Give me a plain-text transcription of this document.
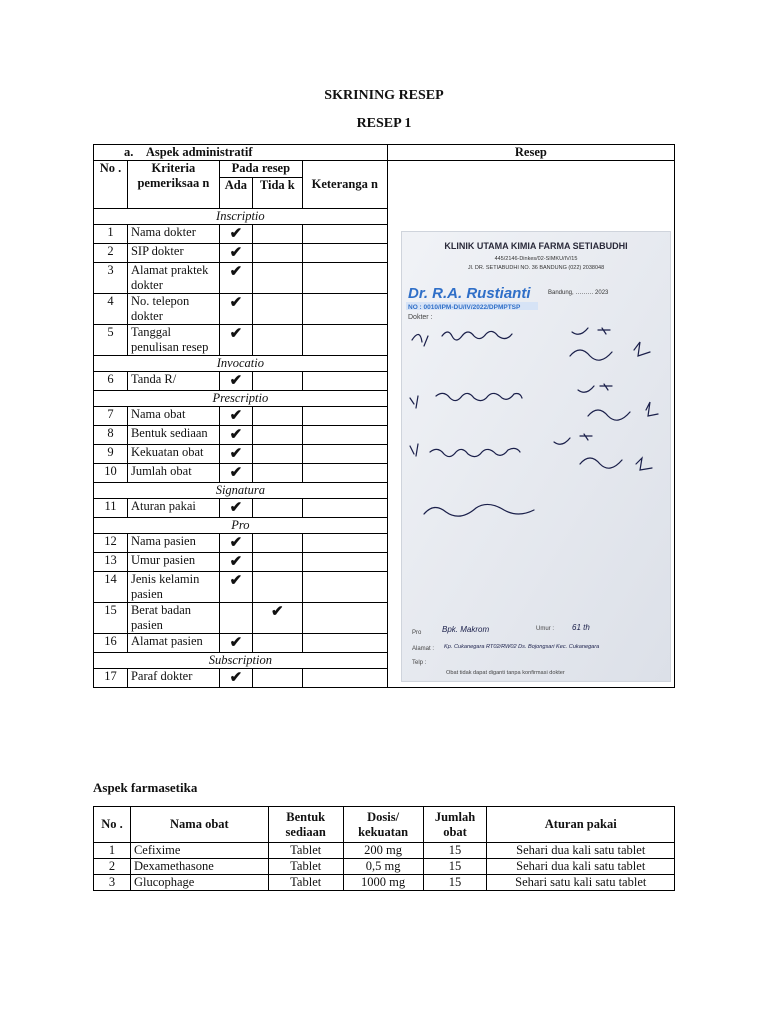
SKRINING RESEP
RESEP 1
a.    Aspek administratif					Resep
No .	Kriteria pemeriksaa n	Pada resep		Keteranga n	
		Ada	Tida k		
Inscriptio					
1	Nama dokter	✔			
2	SIP dokter	✔			
3	Alamat praktek dokter	✔			
4	No. telepon dokter	✔			
5	Tanggal penulisan resep	✔			
Invocatio					
6	Tanda R/	✔			
Prescriptio					
7	Nama obat	✔			
8	Bentuk sediaan	✔			
9	Kekuatan obat	✔			
10	Jumlah obat	✔			
Signatura					
11	Aturan pakai	✔			
Pro					
12	Nama pasien	✔			
13	Umur pasien	✔			
14	Jenis kelamin pasien	✔			
15	Berat badan pasien		✔		
16	Alamat pasien	✔			
Subscription					
17	Paraf dokter	✔			
KLINIK UTAMA KIMIA FARMA SETIABUDHI
445/2146-Dinkes/02-SIMKU/IV/15
Jl. DR. SETIABUDHI NO. 36 BANDUNG (022) 2038048
Dr. R.A. Rustianti	Bandung, ……… 2023
NO : 0010/IPM-DU/IV/2022/DPMPTSP
Dokter :
Pro	Bpk. Makrom	Umur : 61 th
Alamat : Kp. Cukanegara RT02/RW02 Ds. Bojongsari Kec. Cukanegara
Telp :
Obat tidak dapat diganti tanpa konfirmasi dokter
Aspek farmasetika
No .	Nama obat	Bentuk sediaan	Dosis/ kekuatan	Jumlah obat	Aturan pakai
1	Cefixime	Tablet	200 mg	15	Sehari dua kali satu tablet
2	Dexamethasone	Tablet	0,5 mg	15	Sehari dua kali satu tablet
3	Glucophage	Tablet	1000 mg	15	Sehari satu kali satu tablet
